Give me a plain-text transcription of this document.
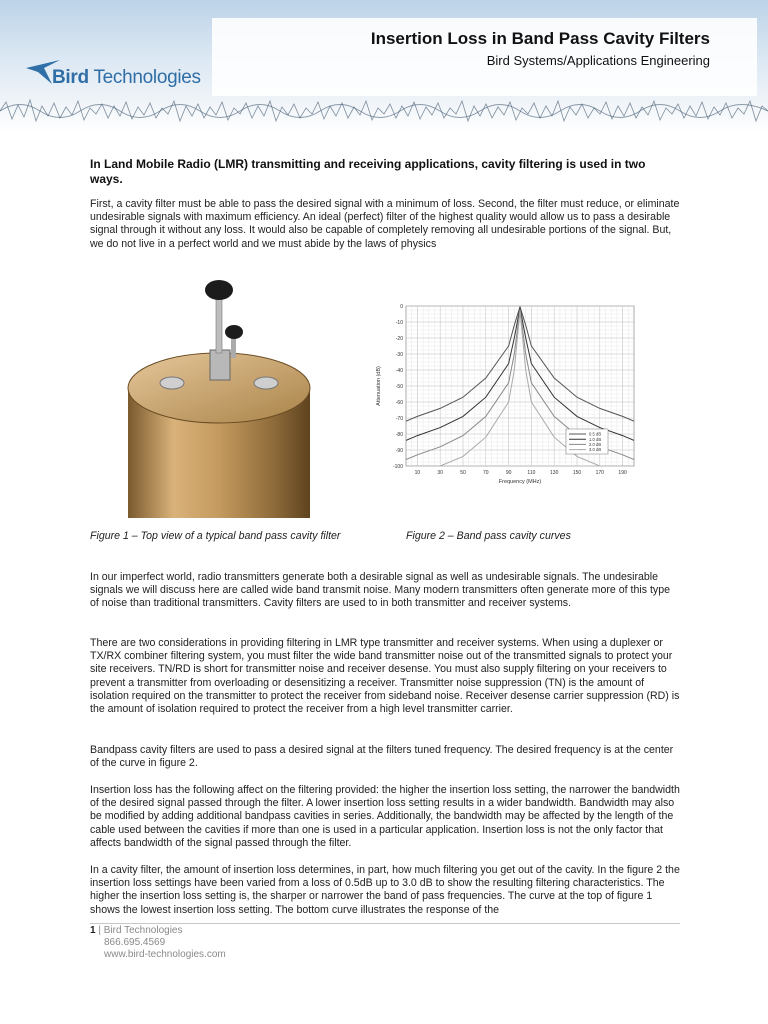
Bird Technologies
Insertion Loss in Band Pass Cavity Filters
Bird Systems/Applications Engineering
In Land Mobile Radio (LMR) transmitting and receiving applications, cavity filtering is used in two ways.
First, a cavity filter must be able to pass the desired signal with a minimum of loss. Second, the filter must reduce, or eliminate undesirable signals with maximum efficiency. An ideal (perfect) filter of the highest quality would allow us to pass a desirable signal through it without any loss. It would also be capable of completely removing all undesirable portions of the signal. But, we do not live in a perfect world and we must abide by the laws of physics
10	30	50	70	90	110	130	150	170	190
0
-10
-20
-30
-40
-50
-60
-70
-80
-90
-100
Frequency (MHz)
Attenuation (dB)
0.5 dB
1.0 dB
2.0 dB
3.0 dB
Figure 1 – Top view of a typical band pass cavity filter	Figure 2 – Band pass cavity curves
In our imperfect world, radio transmitters generate both a desirable signal as well as undesirable signals. The undesirable signals we will discuss here are called wide band transmit noise. Many modern transmitters often generate more of this type of noise than traditional transmitters. Cavity filters are used to in both transmitter and receiver systems.
There are two considerations in providing filtering in LMR type transmitter and receiver systems. When using a duplexer or TX/RX combiner filtering system, you must filter the wide band transmitter noise out of the transmitted signals to protect your site receivers. TN/RD is short for transmitter noise and receiver desense. You must also supply filtering on your receivers to prevent a transmitter from overloading or desensitizing a receiver. Transmitter noise suppression (TN) is the amount of isolation required on the transmitter to protect the receiver from sideband noise. Receiver desense carrier suppression (RD) is the amount of isolation required to protect the receiver from a high level transmitter carrier.
Bandpass cavity filters are used to pass a desired signal at the filters tuned frequency. The desired frequency is at the center of the curve in figure 2.
Insertion loss has the following affect on the filtering provided: the higher the insertion loss setting, the narrower the bandwidth of the desired signal passed through the filter. A lower insertion loss setting results in a wider bandwidth. Bandwidth may also be modified by adding additional bandpass cavities in series. Additionally, the bandwidth may be affected by the length of the cable used between the cavities if more than one is used in a particular application. Insertion loss is not the only factor that affects bandwidth of the signal passed through the filter.
In a cavity filter, the amount of insertion loss determines, in part, how much filtering you get out of the cavity. In the figure 2 the insertion loss settings have been varied from a loss of 0.5dB up to 3.0 dB to show the resulting filtering characteristics. The higher the insertion loss setting is, the sharper or narrower the band of pass frequencies. The curve at the top of figure 1 shows the lowest insertion loss setting. The bottom curve illustrates the response of the
1 | Bird Technologies
866.695.4569
www.bird-technologies.com
